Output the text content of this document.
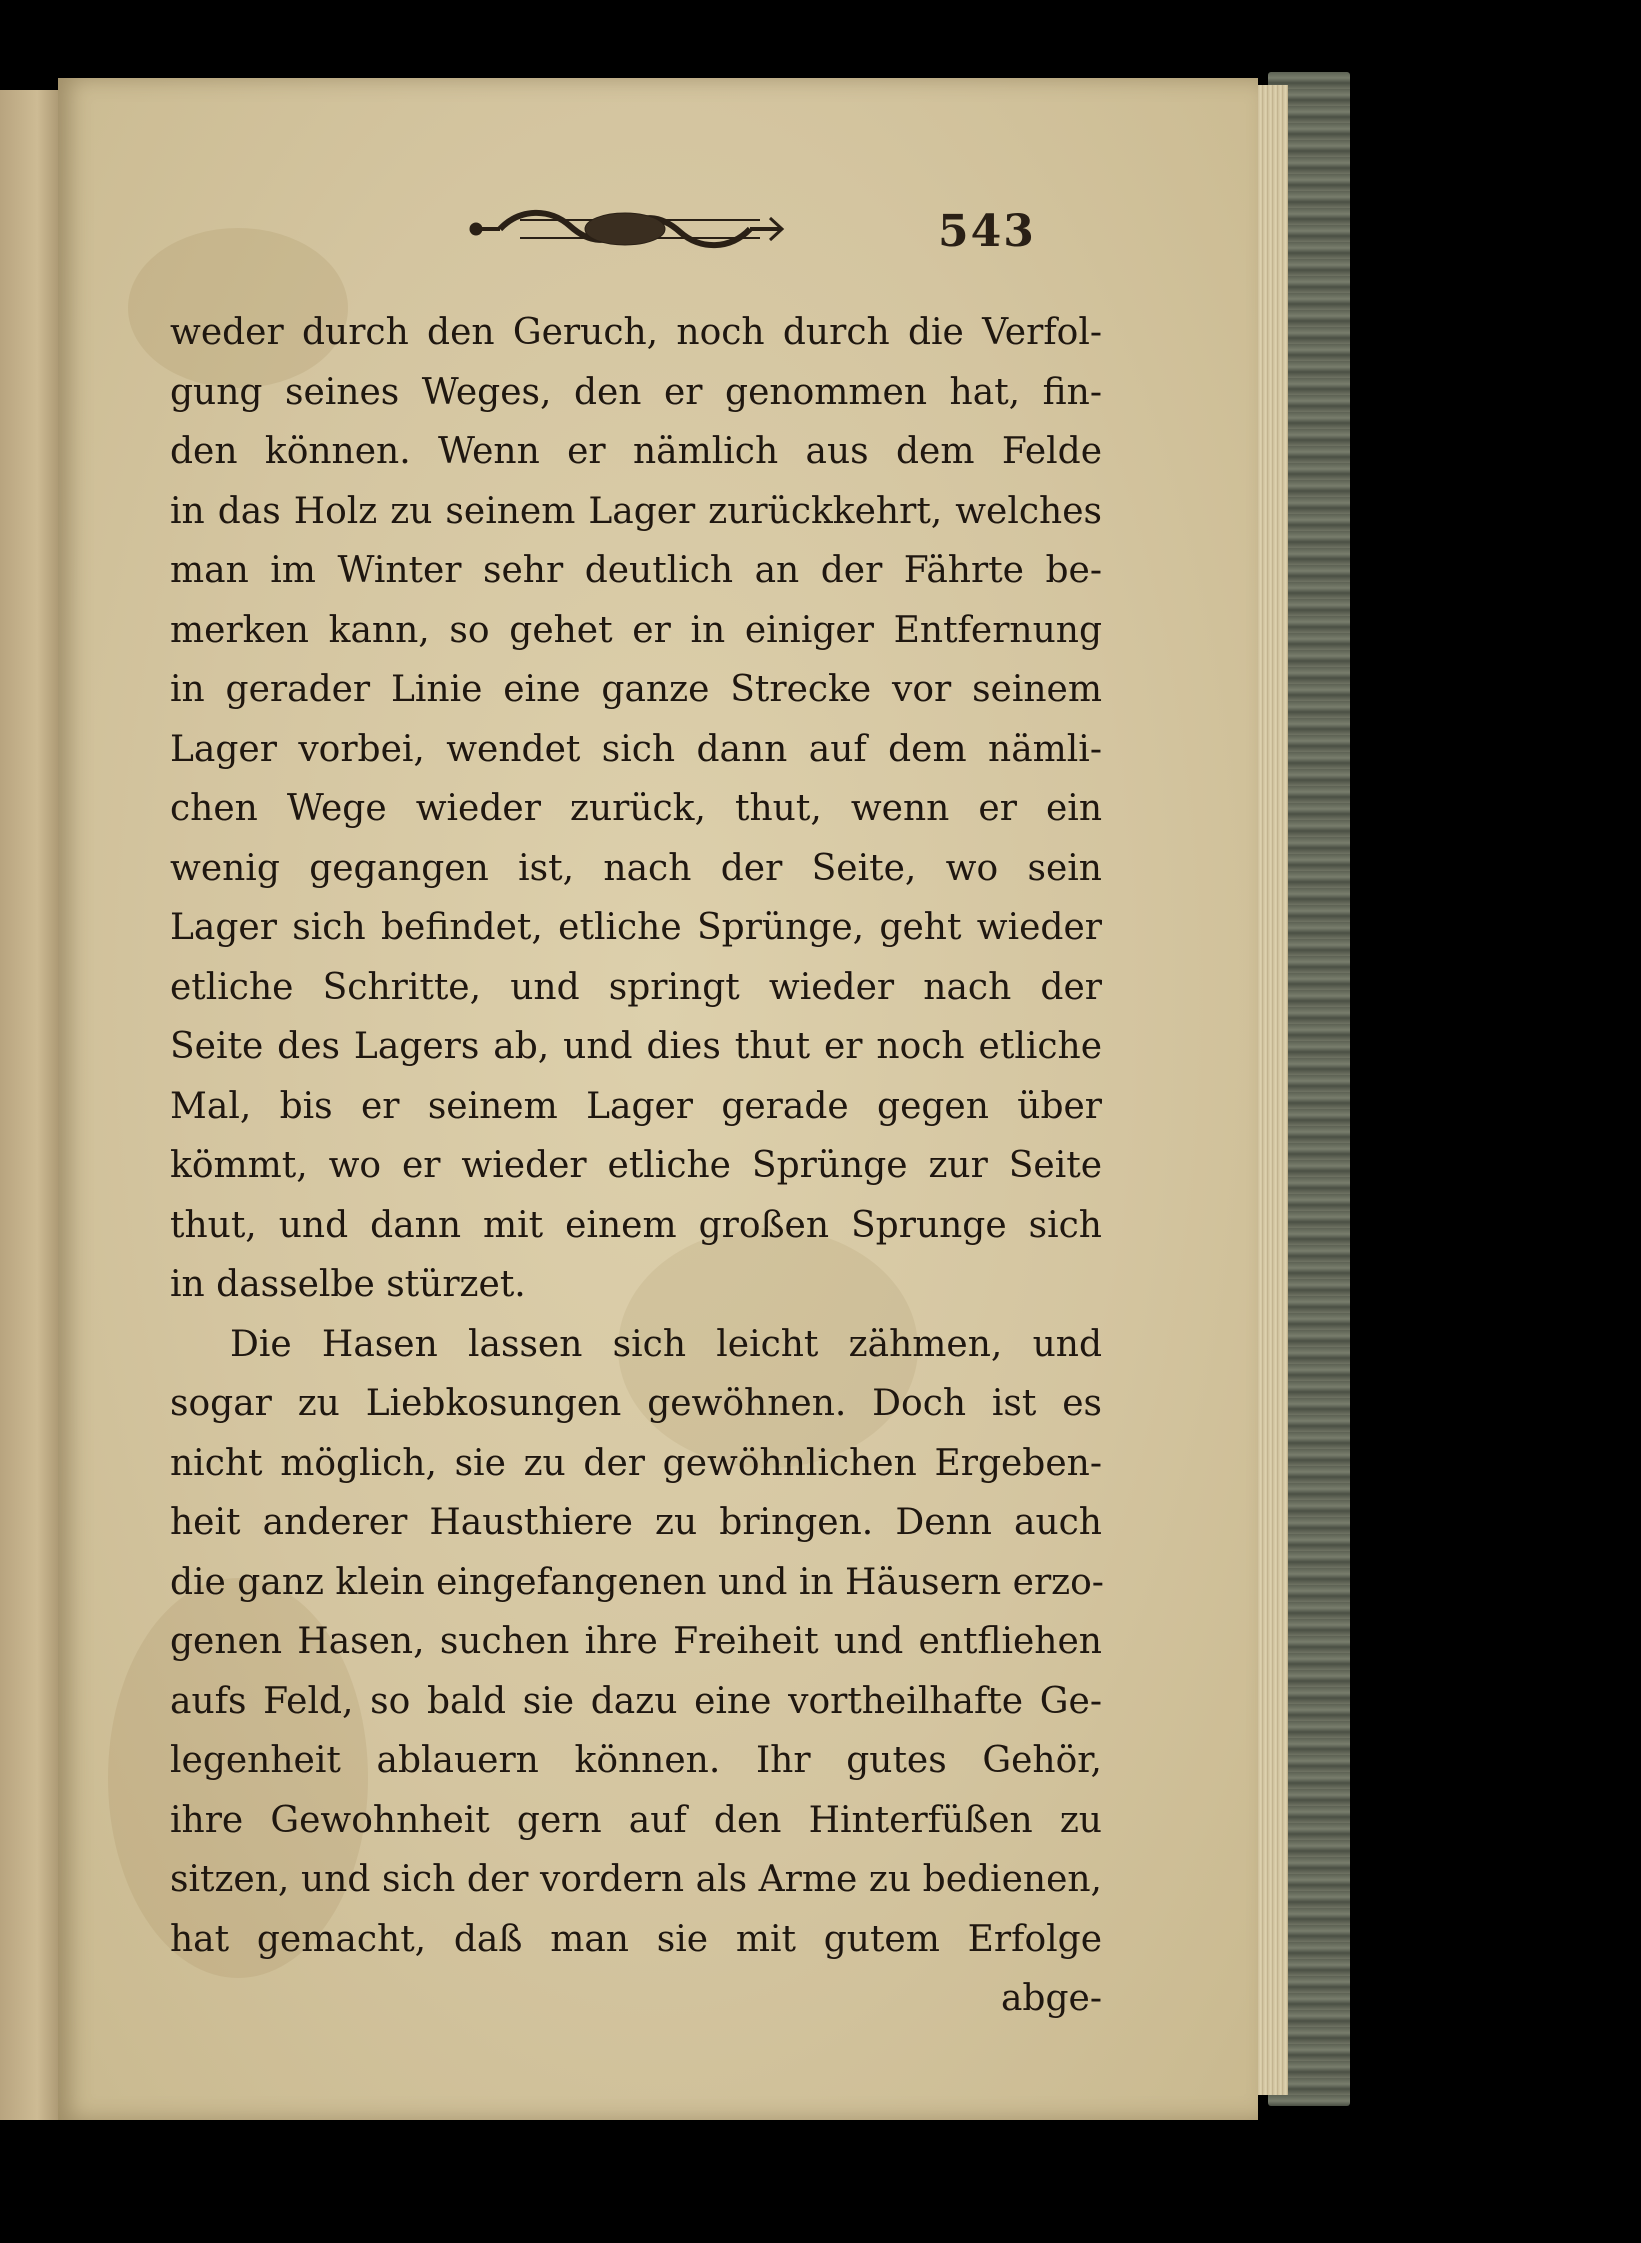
543
weder durch den Geruch, noch durch die Verfol-
gung seines Weges, den er genommen hat, fin-
den können. Wenn er nämlich aus dem Felde
in das Holz zu seinem Lager zurückkehrt, welches
man im Winter sehr deutlich an der Fährte be-
merken kann, so gehet er in einiger Entfernung
in gerader Linie eine ganze Strecke vor seinem
Lager vorbei, wendet sich dann auf dem nämli-
chen Wege wieder zurück, thut, wenn er ein
wenig gegangen ist, nach der Seite, wo sein
Lager sich befindet, etliche Sprünge, geht wieder
etliche Schritte, und springt wieder nach der
Seite des Lagers ab, und dies thut er noch etliche
Mal, bis er seinem Lager gerade gegen über
kömmt, wo er wieder etliche Sprünge zur Seite
thut, und dann mit einem großen Sprunge sich
in dasselbe stürzet.
Die Hasen lassen sich leicht zähmen, und
sogar zu Liebkosungen gewöhnen. Doch ist es
nicht möglich, sie zu der gewöhnlichen Ergeben-
heit anderer Hausthiere zu bringen. Denn auch
die ganz klein eingefangenen und in Häusern erzo-
genen Hasen, suchen ihre Freiheit und entfliehen
aufs Feld, so bald sie dazu eine vortheilhafte Ge-
legenheit ablauern können. Ihr gutes Gehör,
ihre Gewohnheit gern auf den Hinterfüßen zu
sitzen, und sich der vordern als Arme zu bedienen,
hat gemacht, daß man sie mit gutem Erfolge
abge-
